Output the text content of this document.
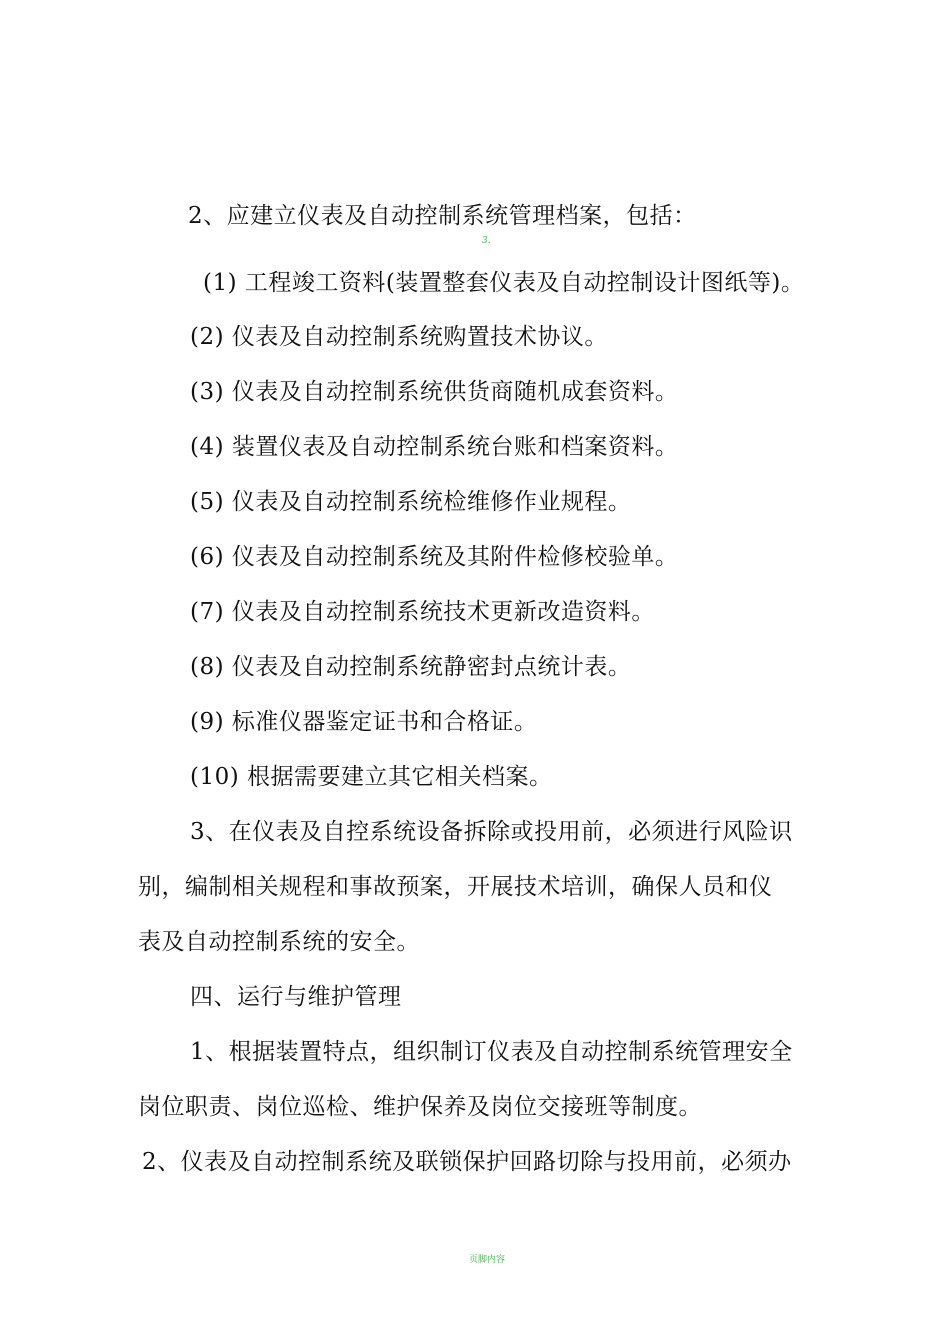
2、应建立仪表及自动控制系统管理档案，包括：
3.
(1) 工程竣工资料(装置整套仪表及自动控制设计图纸等)。
(2) 仪表及自动控制系统购置技术协议。
(3) 仪表及自动控制系统供货商随机成套资料。
(4) 装置仪表及自动控制系统台账和档案资料。
(5) 仪表及自动控制系统检维修作业规程。
(6) 仪表及自动控制系统及其附件检修校验单。
(7) 仪表及自动控制系统技术更新改造资料。
(8) 仪表及自动控制系统静密封点统计表。
(9) 标准仪器鉴定证书和合格证。
(10) 根据需要建立其它相关档案。
3、在仪表及自控系统设备拆除或投用前，必须进行风险识
别，编制相关规程和事故预案，开展技术培训，确保人员和仪
表及自动控制系统的安全。
四、运行与维护管理
1、根据装置特点，组织制订仪表及自动控制系统管理安全
岗位职责、岗位巡检、维护保养及岗位交接班等制度。
2、仪表及自动控制系统及联锁保护回路切除与投用前，必须办
页脚内容
